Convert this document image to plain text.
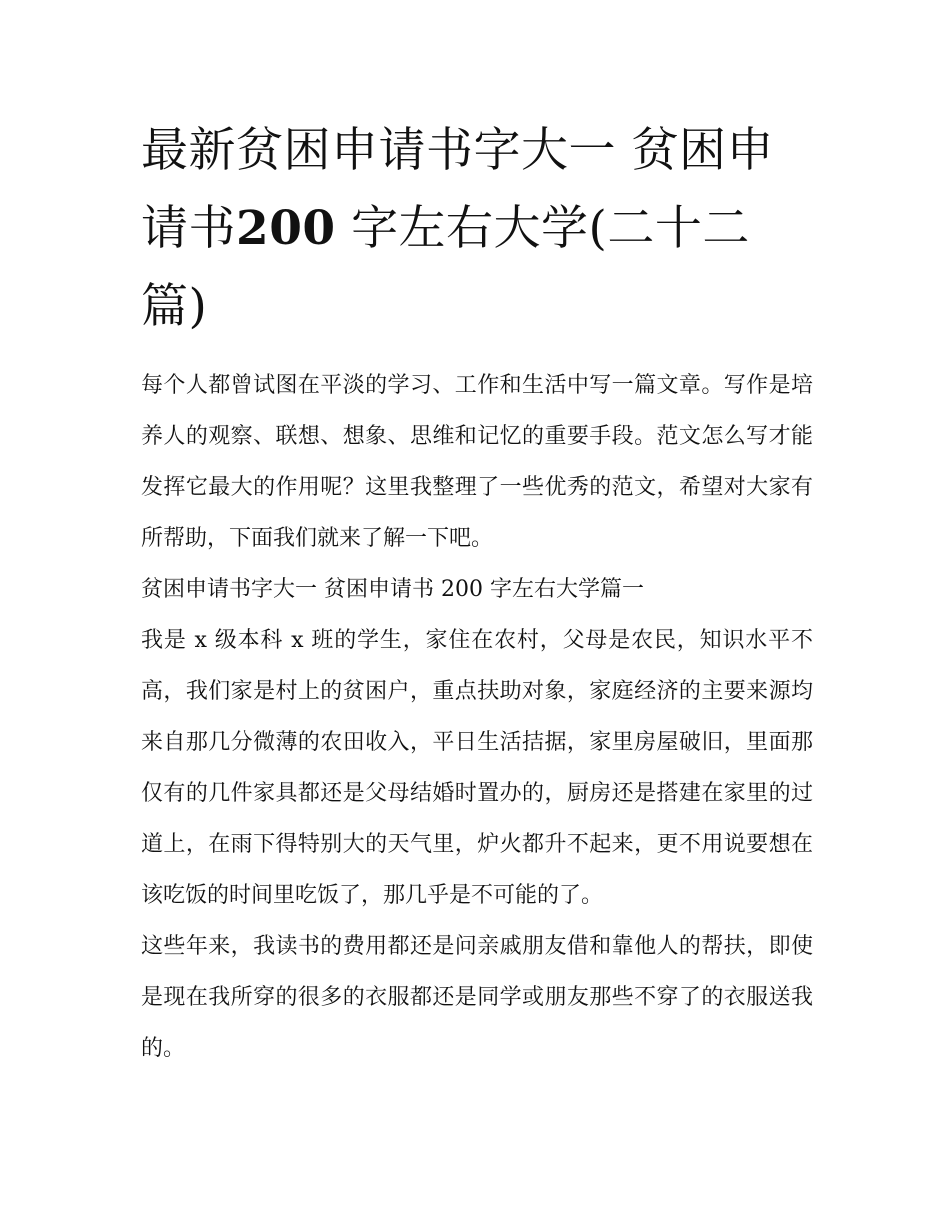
最新贫困申请书字大一 贫困申请书200 字左右大学(二十二篇)

每个人都曾试图在平淡的学习、工作和生活中写一篇文章。写作是培养人的观察、联想、想象、思维和记忆的重要手段。范文怎么写才能发挥它最大的作用呢？这里我整理了一些优秀的范文，希望对大家有所帮助，下面我们就来了解一下吧。

贫困申请书字大一 贫困申请书 200 字左右大学篇一

我是 x 级本科 x 班的学生，家住在农村，父母是农民，知识水平不高，我们家是村上的贫困户，重点扶助对象，家庭经济的主要来源均来自那几分微薄的农田收入，平日生活拮据，家里房屋破旧，里面那仅有的几件家具都还是父母结婚时置办的，厨房还是搭建在家里的过道上，在雨下得特别大的天气里，炉火都升不起来，更不用说要想在该吃饭的时间里吃饭了，那几乎是不可能的了。

这些年来，我读书的费用都还是问亲戚朋友借和靠他人的帮扶，即使是现在我所穿的很多的衣服都还是同学或朋友那些不穿了的衣服送我的。
